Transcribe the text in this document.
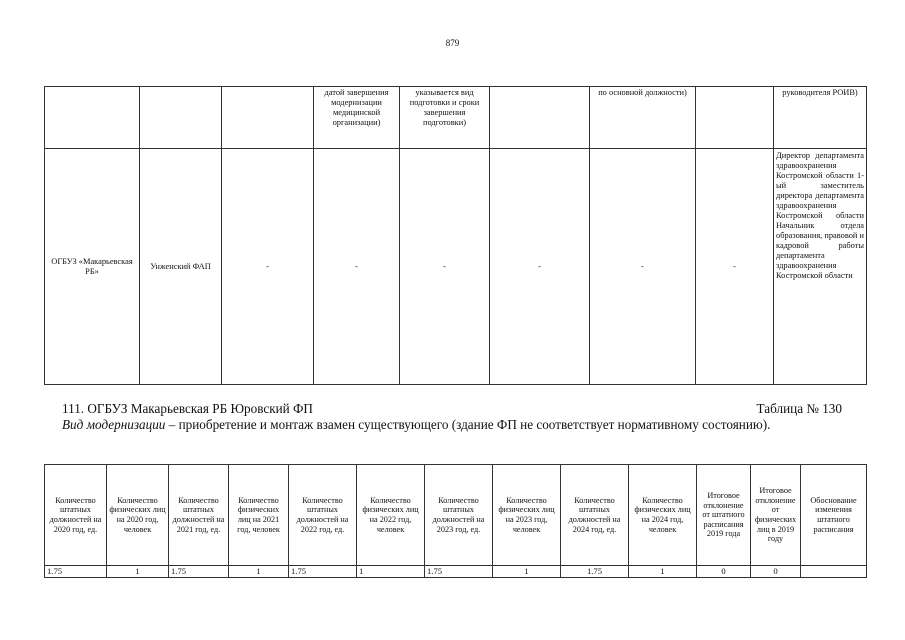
879
			датой завершения модернизации медицинской организации)	указывается вид подготовки и сроки завершения подготовки)		по основной должности)		руководителя РОИВ)
ОГБУЗ «Макарьевская РБ»	Унженский ФАП	-	-	-	-	-	-	Директор департамента здравоохранения Костромской области 1-ый заместитель директора департамента здравоохранения Костромской области Начальник отдела образования, правовой и кадровой работы департамента здравоохранения Костромской области
111. ОГБУЗ Макарьевская РБ Юровский ФП	Таблица № 130
Вид модернизации – приобретение и монтаж взамен существующего (здание ФП не соответствует нормативному состоянию).
Количество штатных должностей на 2020 год, ед.	Количество физических лиц на 2020 год, человек	Количество штатных должностей на 2021 год, ед.	Количество физических лиц на 2021 год, человек	Количество штатных должностей на 2022 год, ед.	Количество физических лиц на 2022 год, человек	Количество штатных должностей на 2023 год, ед.	Количество физических лиц на 2023 год, человек	Количество штатных должностей на 2024 год, ед.	Количество физических лиц на 2024 год, человек	Итоговое отклонение от штатного расписания 2019 года	Итоговое отклонение от физических лиц в 2019 году	Обоснование изменения штатного расписания
1.75	1	1.75	1	1.75	1	1.75	1	1.75	1	0	0	
